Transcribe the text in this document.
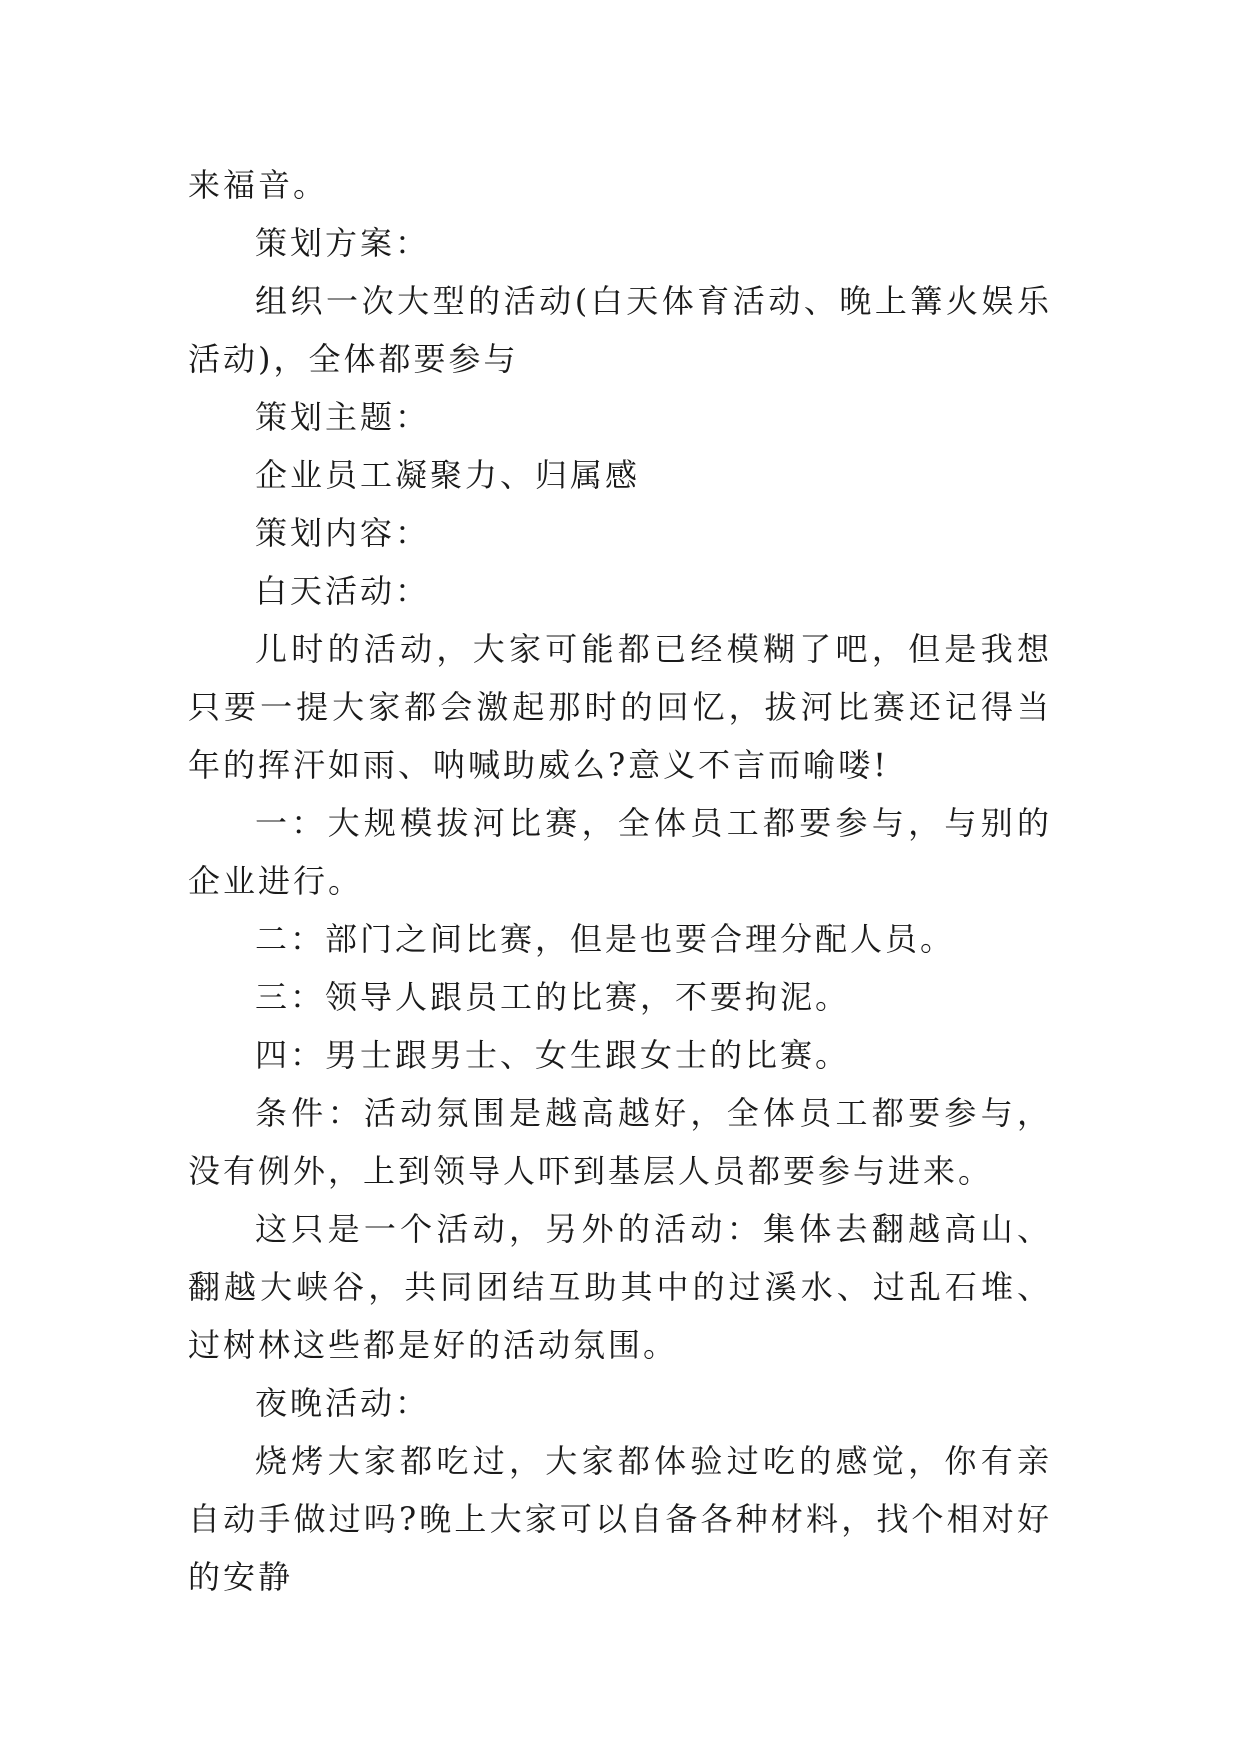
来福音。

策划方案：

组织一次大型的活动(白天体育活动、晚上篝火娱乐活动)，全体都要参与

策划主题：

企业员工凝聚力、归属感

策划内容：

白天活动：

儿时的活动，大家可能都已经模糊了吧，但是我想只要一提大家都会激起那时的回忆，拔河比赛还记得当年的挥汗如雨、呐喊助威么?意义不言而喻喽!

一：大规模拔河比赛，全体员工都要参与，与别的企业进行。

二：部门之间比赛，但是也要合理分配人员。

三：领导人跟员工的比赛，不要拘泥。

四：男士跟男士、女生跟女士的比赛。

条件：活动氛围是越高越好，全体员工都要参与，没有例外，上到领导人吓到基层人员都要参与进来。

这只是一个活动，另外的活动：集体去翻越高山、翻越大峡谷，共同团结互助其中的过溪水、过乱石堆、过树林这些都是好的活动氛围。

夜晚活动：

烧烤大家都吃过，大家都体验过吃的感觉，你有亲自动手做过吗?晚上大家可以自备各种材料，找个相对好的安静
